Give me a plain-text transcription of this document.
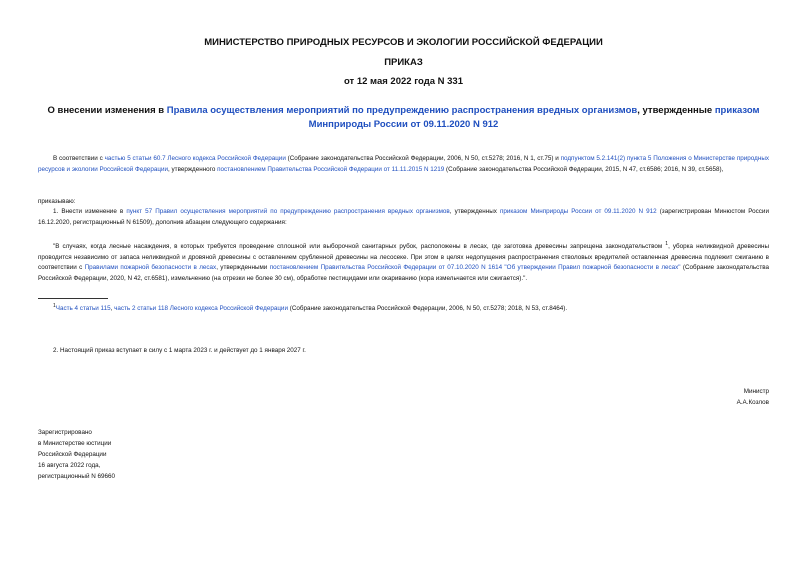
МИНИСТЕРСТВО ПРИРОДНЫХ РЕСУРСОВ И ЭКОЛОГИИ РОССИЙСКОЙ ФЕДЕРАЦИИ
ПРИКАЗ
от 12 мая 2022 года N 331
О внесении изменения в Правила осуществления мероприятий по предупреждению распространения вредных организмов, утвержденные приказом Минприроды России от 09.11.2020 N 912
В соответствии с частью 5 статьи 60.7 Лесного кодекса Российской Федерации (Собрание законодательства Российской Федерации, 2006, N 50, ст.5278; 2016, N 1, ст.75) и подпунктом 5.2.141(2) пункта 5 Положения о Министерстве природных ресурсов и экологии Российской Федерации, утвержденного постановлением Правительства Российской Федерации от 11.11.2015 N 1219 (Собрание законодательства Российской Федерации, 2015, N 47, ст.6586; 2016, N 39, ст.5658),
приказываю:
1. Внести изменение в пункт 57 Правил осуществления мероприятий по предупреждению распространения вредных организмов, утвержденных приказом Минприроды России от 09.11.2020 N 912 (зарегистрирован Минюстом России 16.12.2020, регистрационный N 61509), дополнив абзацем следующего содержания:
"В случаях, когда лесные насаждения, в которых требуется проведение сплошной или выборочной санитарных рубок, расположены в лесах, где заготовка древесины запрещена законодательством $^1$, уборка неликвидной древесины проводится независимо от запаса неликвидной и дровяной древесины с оставлением срубленной древесины на лесосеке. При этом в целях недопущения распространения стволовых вредителей оставленная древесина подлежит сжиганию в соответствии с Правилами пожарной безопасности в лесах, утвержденными постановлением Правительства Российской Федерации от 07.10.2020 N 1614 "Об утверждении Правил пожарной безопасности в лесах" (Собрание законодательства Российской Федерации, 2020, N 42, ст.6581), измельчению (на отрезки не более 30 см), обработке пестицидами или окариванию (кора измельчается или сжигается).".
$^1$Часть 4 статьи 115, часть 2 статьи 118 Лесного кодекса Российской Федерации (Собрание законодательства Российской Федерации, 2006, N 50, ст.5278; 2018, N 53, ст.8464).
2. Настоящий приказ вступает в силу с 1 марта 2023 г. и действует до 1 января 2027 г.
Министр
А.А.Козлов
Зарегистрировано
в Министерстве юстиции
Российской Федерации
16 августа 2022 года,
регистрационный N 69660
